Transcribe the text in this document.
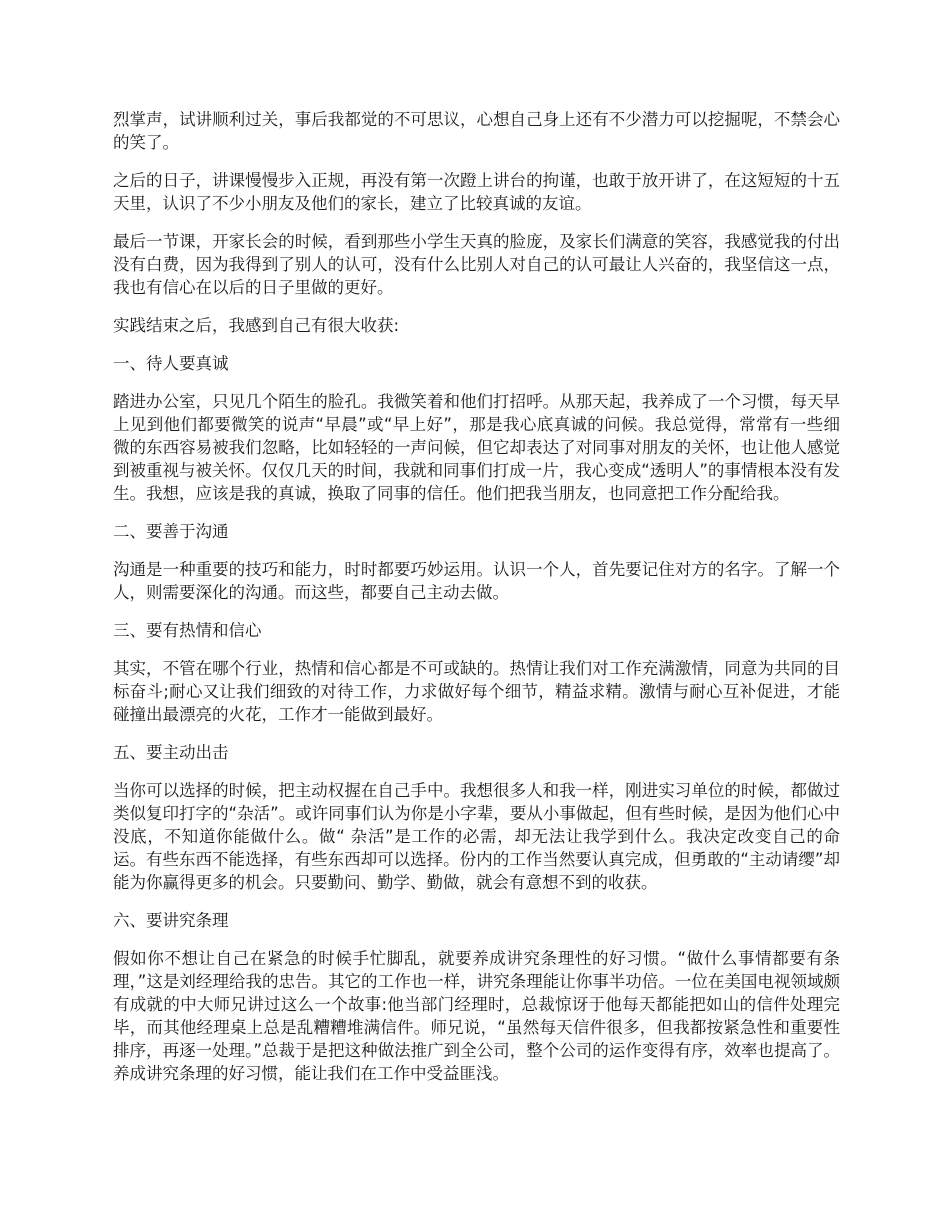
烈掌声，试讲顺利过关，事后我都觉的不可思议，心想自己身上还有不少潜力可以挖掘呢，不禁会心的笑了。

之后的日子，讲课慢慢步入正规，再没有第一次蹬上讲台的拘谨，也敢于放开讲了，在这短短的十五天里，认识了不少小朋友及他们的家长，建立了比较真诚的友谊。

最后一节课，开家长会的时候，看到那些小学生天真的脸庞，及家长们满意的笑容，我感觉我的付出没有白费，因为我得到了别人的认可，没有什么比别人对自己的认可最让人兴奋的，我坚信这一点，我也有信心在以后的日子里做的更好。

实践结束之后，我感到自己有很大收获:

一、待人要真诚

踏进办公室，只见几个陌生的脸孔。我微笑着和他们打招呼。从那天起，我养成了一个习惯，每天早上见到他们都要微笑的说声“早晨”或“早上好”，那是我心底真诚的问候。我总觉得，常常有一些细微的东西容易被我们忽略，比如轻轻的一声问候，但它却表达了对同事对朋友的关怀，也让他人感觉到被重视与被关怀。仅仅几天的时间，我就和同事们打成一片，我心变成“透明人”的事情根本没有发生。我想，应该是我的真诚，换取了同事的信任。他们把我当朋友，也同意把工作分配给我。

二、要善于沟通

沟通是一种重要的技巧和能力，时时都要巧妙运用。认识一个人，首先要记住对方的名字。了解一个人，则需要深化的沟通。而这些，都要自己主动去做。

三、要有热情和信心

其实，不管在哪个行业，热情和信心都是不可或缺的。热情让我们对工作充满激情，同意为共同的目标奋斗;耐心又让我们细致的对待工作，力求做好每个细节，精益求精。激情与耐心互补促进，才能碰撞出最漂亮的火花，工作才一能做到最好。

五、要主动出击

当你可以选择的时候，把主动权握在自己手中。我想很多人和我一样，刚进实习单位的时候，都做过类似复印打字的“杂活”。或许同事们认为你是小字辈，要从小事做起，但有些时候，是因为他们心中没底，不知道你能做什么。做“ 杂活”是工作的必需，却无法让我学到什么。我决定改变自己的命运。有些东西不能选择，有些东西却可以选择。份内的工作当然要认真完成，但勇敢的“主动请缨”却能为你赢得更多的机会。只要勤问、勤学、勤做，就会有意想不到的收获。

六、要讲究条理

假如你不想让自己在紧急的时候手忙脚乱，就要养成讲究条理性的好习惯。“做什么事情都要有条理，”这是刘经理给我的忠告。其它的工作也一样，讲究条理能让你事半功倍。一位在美国电视领域颇有成就的中大师兄讲过这么一个故事:他当部门经理时，总裁惊讶于他每天都能把如山的信件处理完毕，而其他经理桌上总是乱糟糟堆满信件。师兄说，“虽然每天信件很多，但我都按紧急性和重要性排序，再逐一处理。”总裁于是把这种做法推广到全公司，整个公司的运作变得有序，效率也提高了。养成讲究条理的好习惯，能让我们在工作中受益匪浅。
